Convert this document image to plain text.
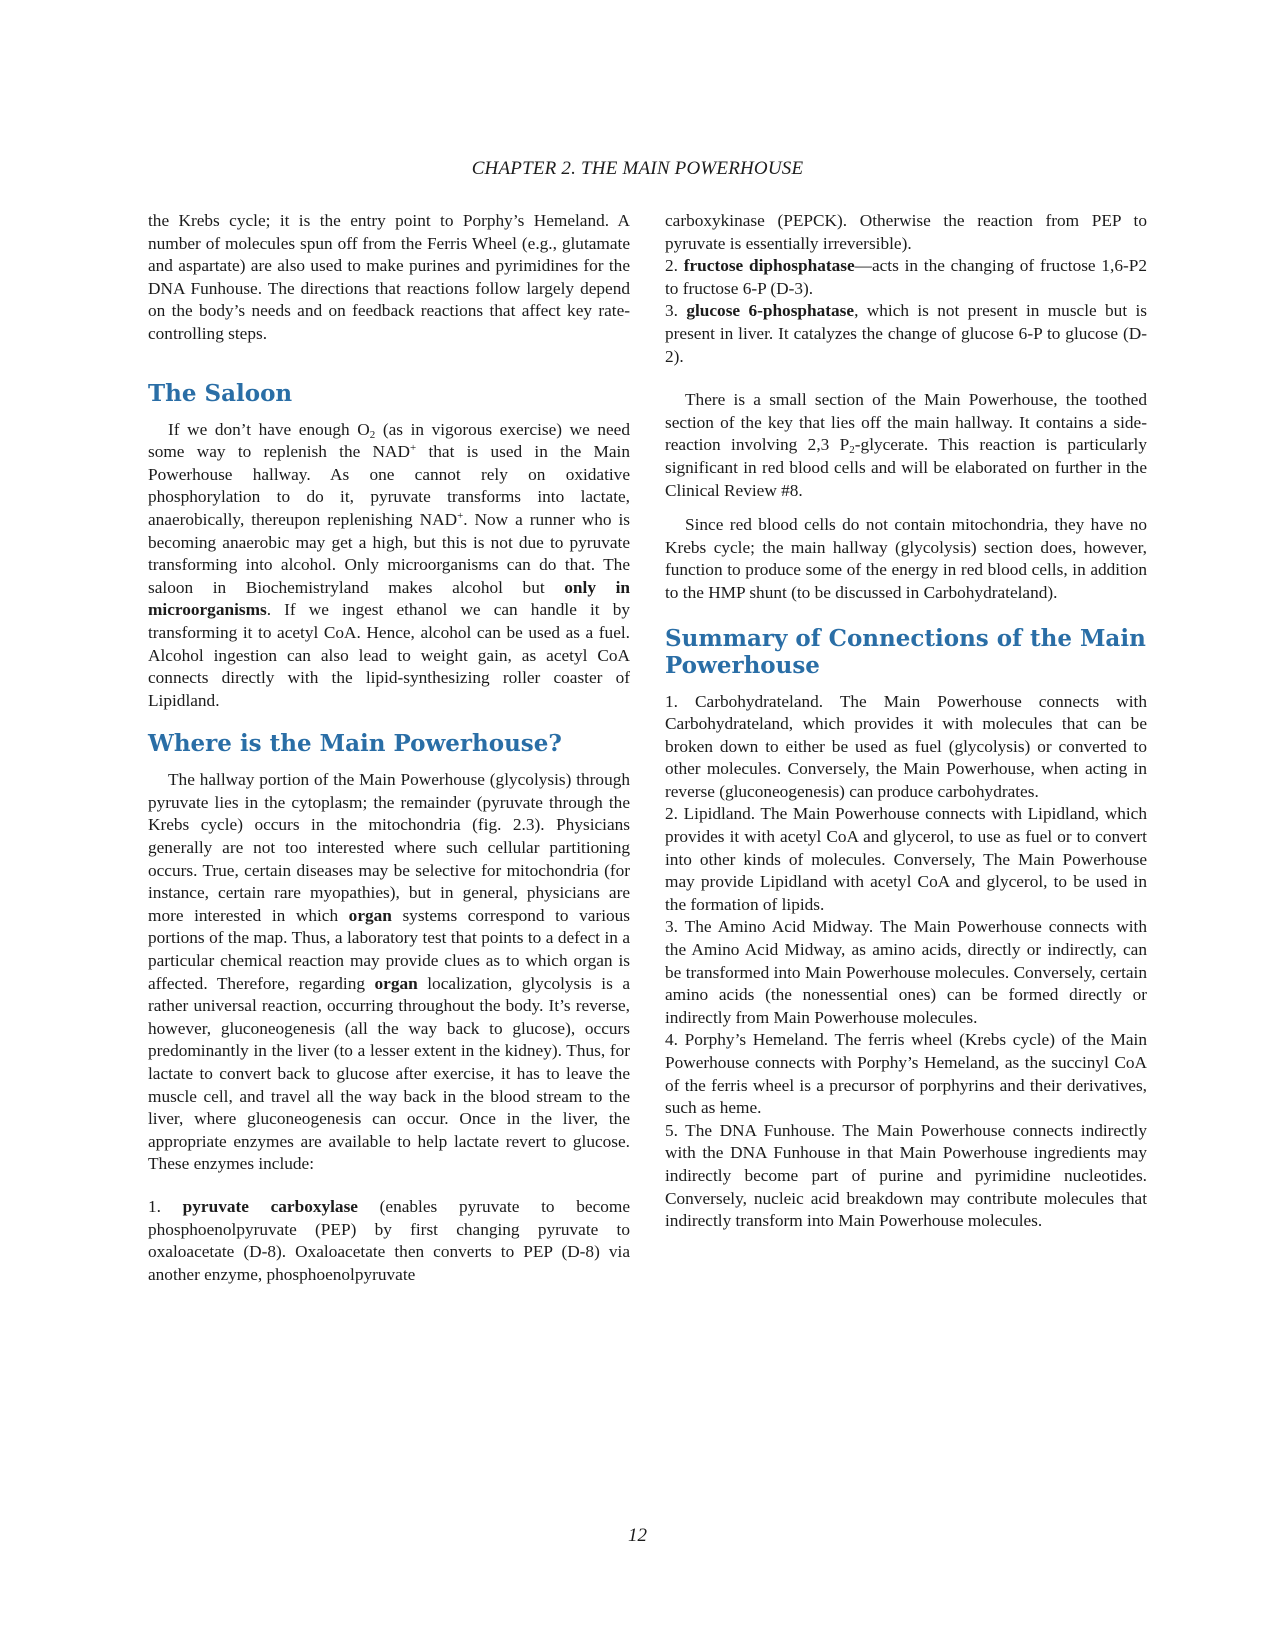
CHAPTER 2. THE MAIN POWERHOUSE

the Krebs cycle; it is the entry point to Porphy’s Hemeland. A number of molecules spun off from the Ferris Wheel (e.g., glutamate and aspartate) are also used to make purines and pyrimidines for the DNA Funhouse. The directions that reactions follow largely depend on the body’s needs and on feedback reactions that affect key rate-controlling steps.

The Saloon

If we don’t have enough $O_2$ (as in vigorous exercise) we need some way to replenish the NAD+ that is used in the Main Powerhouse hallway. As one cannot rely on oxidative phosphorylation to do it, pyruvate transforms into lactate, anaerobically, thereupon replenishing NAD+. Now a runner who is becoming anaerobic may get a high, but this is not due to pyruvate transforming into alcohol. Only microorganisms can do that. The saloon in Biochemistryland makes alcohol but only in microorganisms. If we ingest ethanol we can handle it by transforming it to acetyl CoA. Hence, alcohol can be used as a fuel. Alcohol ingestion can also lead to weight gain, as acetyl CoA connects directly with the lipid-synthesizing roller coaster of Lipidland.

Where is the Main Powerhouse?

The hallway portion of the Main Powerhouse (glycolysis) through pyruvate lies in the cytoplasm; the remainder (pyruvate through the Krebs cycle) occurs in the mitochondria (fig. 2.3). Physicians generally are not too interested where such cellular partitioning occurs. True, certain diseases may be selective for mitochondria (for instance, certain rare myopathies), but in general, physicians are more interested in which organ systems correspond to various portions of the map. Thus, a laboratory test that points to a defect in a particular chemical reaction may provide clues as to which organ is affected. Therefore, regarding organ localization, glycolysis is a rather universal reaction, occurring throughout the body. It’s reverse, however, gluconeogenesis (all the way back to glucose), occurs predominantly in the liver (to a lesser extent in the kidney). Thus, for lactate to convert back to glucose after exercise, it has to leave the muscle cell, and travel all the way back in the blood stream to the liver, where gluconeogenesis can occur. Once in the liver, the appropriate enzymes are available to help lactate revert to glucose. These enzymes include:

1. pyruvate carboxylase (enables pyruvate to become phosphoenolpyruvate (PEP) by first changing pyruvate to oxaloacetate (D-8). Oxaloacetate then converts to PEP (D-8) via another enzyme, phosphoenolpyruvate

carboxykinase (PEPCK). Otherwise the reaction from PEP to pyruvate is essentially irreversible).

2. fructose diphosphatase—acts in the changing of fructose 1,6-P2 to fructose 6-P (D-3).

3. glucose 6-phosphatase, which is not present in muscle but is present in liver. It catalyzes the change of glucose 6-P to glucose (D-2).

There is a small section of the Main Powerhouse, the toothed section of the key that lies off the main hallway. It contains a side-reaction involving 2,3 $P_2$-glycerate. This reaction is particularly significant in red blood cells and will be elaborated on further in the Clinical Review #8.

Since red blood cells do not contain mitochondria, they have no Krebs cycle; the main hallway (glycolysis) section does, however, function to produce some of the energy in red blood cells, in addition to the HMP shunt (to be discussed in Carbohydrateland).

Summary of Connections of the Main Powerhouse

1. Carbohydrateland. The Main Powerhouse connects with Carbohydrateland, which provides it with molecules that can be broken down to either be used as fuel (glycolysis) or converted to other molecules. Conversely, the Main Powerhouse, when acting in reverse (gluconeogenesis) can produce carbohydrates.

2. Lipidland. The Main Powerhouse connects with Lipidland, which provides it with acetyl CoA and glycerol, to use as fuel or to convert into other kinds of molecules. Conversely, The Main Powerhouse may provide Lipidland with acetyl CoA and glycerol, to be used in the formation of lipids.

3. The Amino Acid Midway. The Main Powerhouse connects with the Amino Acid Midway, as amino acids, directly or indirectly, can be transformed into Main Powerhouse molecules. Conversely, certain amino acids (the nonessential ones) can be formed directly or indirectly from Main Powerhouse molecules.

4. Porphy’s Hemeland. The ferris wheel (Krebs cycle) of the Main Powerhouse connects with Porphy’s Hemeland, as the succinyl CoA of the ferris wheel is a precursor of porphyrins and their derivatives, such as heme.

5. The DNA Funhouse. The Main Powerhouse connects indirectly with the DNA Funhouse in that Main Powerhouse ingredients may indirectly become part of purine and pyrimidine nucleotides. Conversely, nucleic acid breakdown may contribute molecules that indirectly transform into Main Powerhouse molecules.

12
